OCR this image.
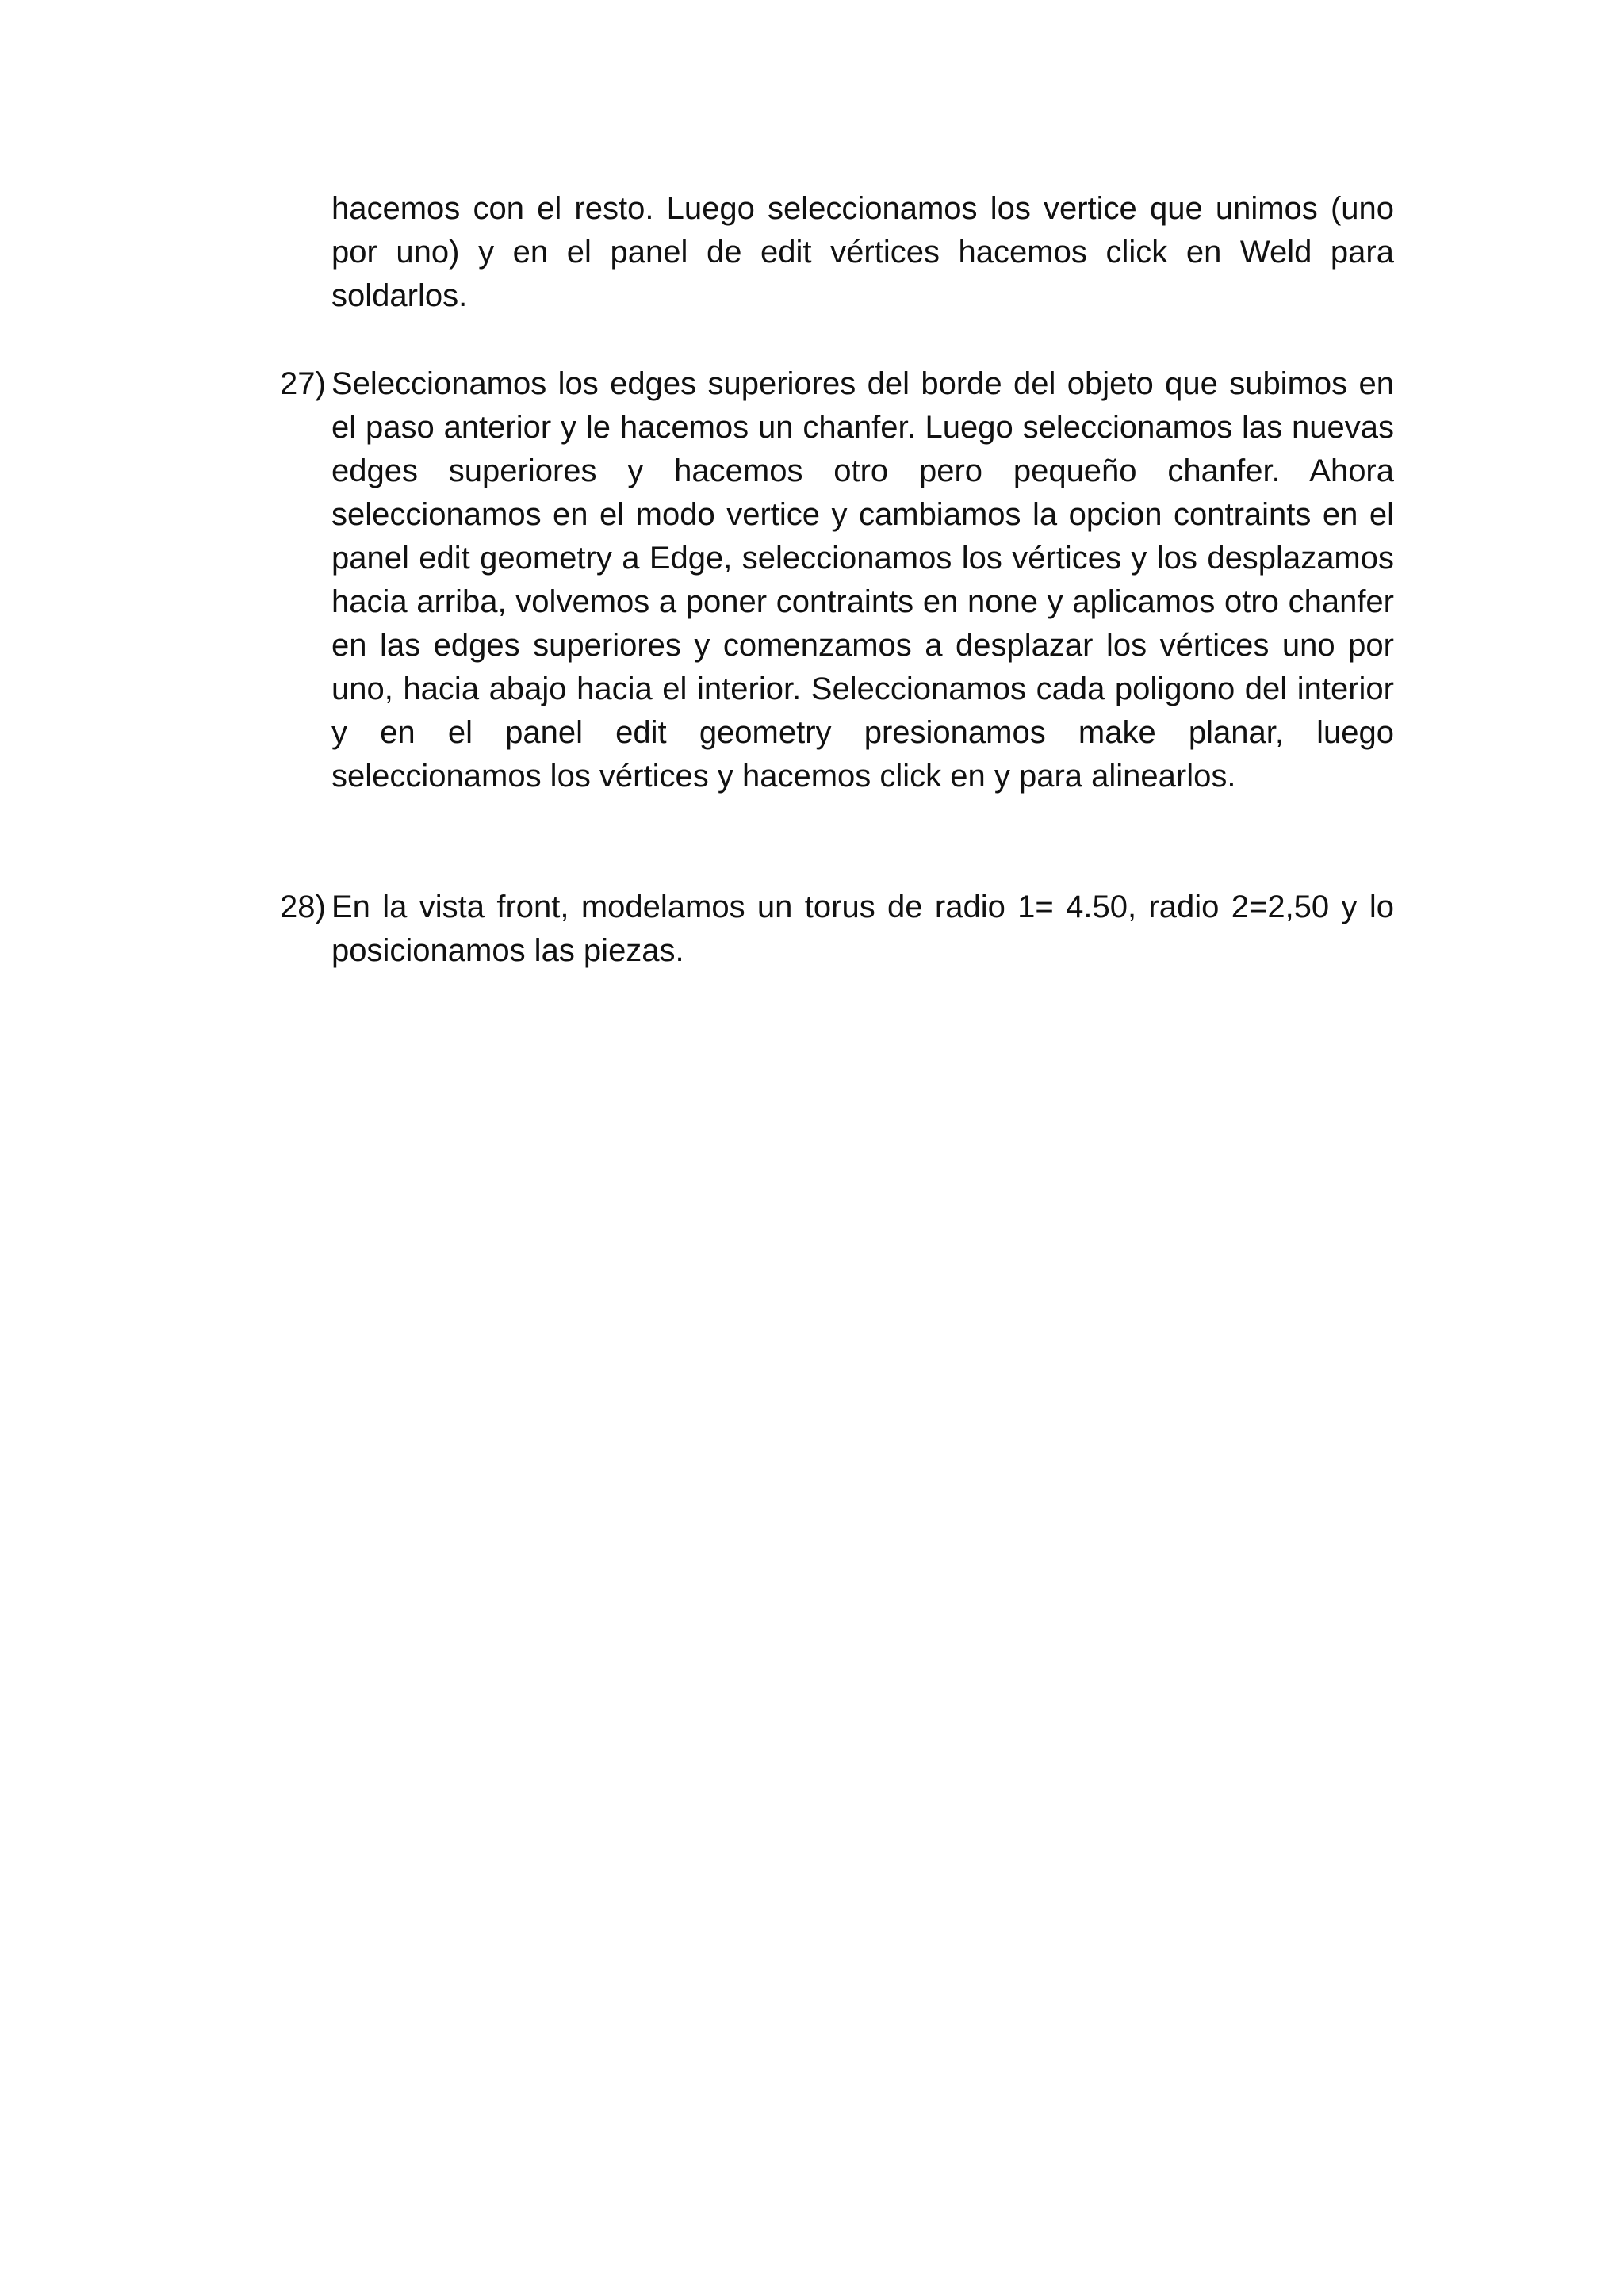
hacemos con el resto. Luego seleccionamos los vertice que unimos (uno por uno) y en el panel de edit vértices hacemos click en Weld para soldarlos.
27) Seleccionamos los edges superiores del borde del objeto que subimos en el paso anterior y le hacemos un chanfer. Luego seleccionamos las nuevas edges superiores y hacemos otro pero pequeño chanfer. Ahora seleccionamos en el modo vertice y cambiamos la opcion contraints en el panel edit geometry a Edge, seleccionamos los vértices y los desplazamos hacia arriba, volvemos a poner contraints en none y aplicamos otro chanfer en las edges superiores y comenzamos a desplazar los vértices uno por uno, hacia abajo hacia el interior. Seleccionamos cada poligono del interior y en el panel edit geometry presionamos make planar, luego seleccionamos los vértices y hacemos click en y para alinearlos.
28) En la vista front, modelamos un torus de radio 1= 4.50, radio 2=2,50 y lo posicionamos las piezas.
